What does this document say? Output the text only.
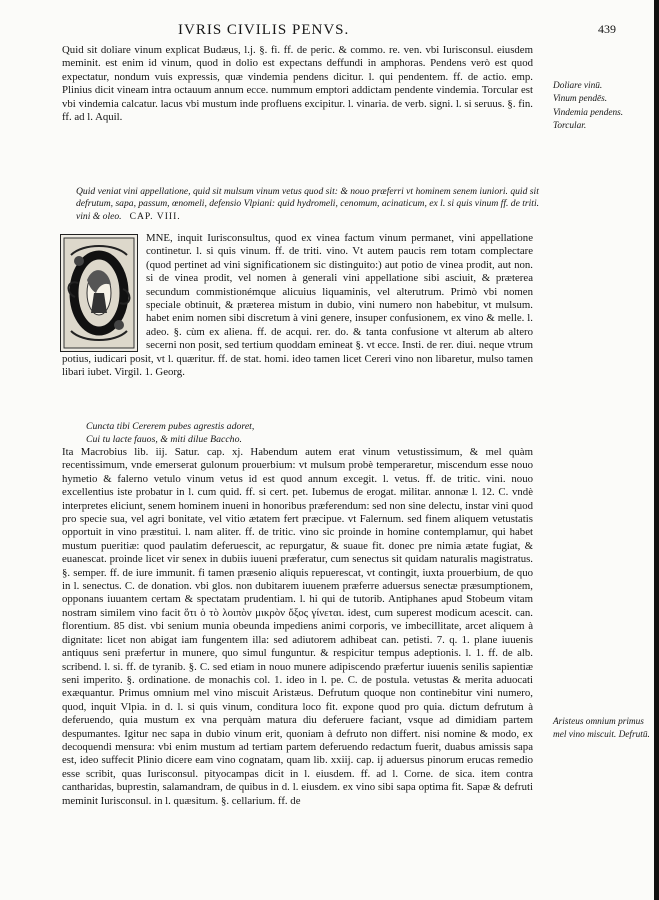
IVRIS CIVILIS PENVS.	439

Quid sit doliare vinum explicat Budæus, l.j. §. fi. ff. de peric. & commo. re. ven. vbi Iurisconsul. eiusdem meminit. est enim id vinum, quod in dolio est expectans deffundi in amphoras. Pendens verò est quod expectatur, nondum vuis expressis, quæ vindemia pendens dicitur. l. qui pendentem. ff. de actio. emp. Plinius dicit vineam intra octauum annum ecce. nummum emptori addictam pendente vindemia. Torcular est vbi vindemia calcatur. lacus vbi mustum inde profluens excipitur. l. vinaria. de verb. signi. l. si seruus. §. fin. ff. ad l. Aquil.

Quid veniat vini appellatione, quid sit mulsum vinum vetus quod sit: & nouo præferri vt hominem senem iuniori. quid sit defrutum, sapa, passum, œnomeli, defensio Vlpiani: quid hydromeli, cenomum, acinaticum, ex l. si quis vinum ff. de triti. vini & oleo. CAP. VIII.

MNE, inquit Iurisconsultus, quod ex vinea factum vinum permanet, vini appellatione continetur. l. si quis vinum. ff. de triti. vino. Vt autem paucis rem totam complectare (quod pertinet ad vini significationem sic distinguito:) aut potio de vinea prodit, aut non. si de vinea prodit, vel nomen à generali vini appellatione sibi asciuit, & præterea secundum commistionémque alicuius liquaminis, vel alterutrum. Primò vbi nomen speciale obtinuit, & præterea mistum in dubio, vini numero non habebitur, vt mulsum. habet enim nomen sibi discretum à vini genere, insuper confusionem, ex vino & melle. l. adeo. §. cùm ex aliena. ff. de acqui. rer. do. & tanta confusione vt alterum ab altero secerni non posit, sed tertium quoddam emineat §. vt ecce. Insti. de rer. diui. neque vtrum potius, iudicari posit, vt l. quæritur. ff. de stat. homi. ideo tamen licet Cereri vino non libaretur, mulso tamen libari iubet. Virgil. 1. Georg.
Cuncta tibi Cererem pubes agrestis adoret,
Cui tu lacte fauos, & miti dilue Baccho.

Ita Macrobius lib. iij. Satur. cap. xj. Habendum autem erat vinum vetustissimum, & mel quàm recentissimum, vnde emerserat gulonum prouerbium: vt mulsum probè temperaretur, miscendum esse nouo hymetio & falerno vetulo vinum vetus id est quod annum excegit. l. vetus. ff. de tritic. vini. nouo excellentius iste probatur in l. cum quid. ff. si cert. pet. Iubemus de erogat. militar. annonæ l. 12. C. vndè interpretes eliciunt, senem hominem inueni in honoribus præferendum: sed non sine delectu, instar vini quod pro specie sua, vel agri bonitate, vel vitio ætatem fert præcipue. vt Falernum. sed finem aliquem vetustatis opportuit in vino præstitui. l. nam aliter. ff. de tritic. vino sic proinde in homine contemplamur, qui habet mustum pueritiæ: quod paulatim deferuescit, ac repurgatur, & suaue fit. donec pre nimia ætate fugiat, & euanescat. proinde licet vir senex in dubiis iuueni præferatur, cum senectus sit quidam naturalis magistratus. §. semper. ff. de iure immunit. fi tamen præsenio aliquis repuerescat, vt contingit, iuxta prouerbium, de quo in l. senectus. C. de donation. vbi glos. non dubitarem iuuenem præferre aduersus senectæ præsumptionem, opponans iuuantem certam & spectatam prudentiam. l. hi qui de tutorib. Antiphanes apud Stobeum vitam nostram similem vino facit ὅτι ὁ τὸ λοιπὸν μικρὸν ὄξος γίνεται. idest, cum superest modicum acescit. can. florentium. 85 dist. vbi senium munia obeunda impediens animi corporis, ve imbecillitate, arcet aliquem à dignitate: licet non abigat iam fungentem illa: sed adiutorem adhibeat can. petisti. 7. q. 1. plane iuuenis antiquus seni præfertur in munere, quo simul funguntur. & respicitur tempus adeptionis. l. 1. ff. de alb. scribend. l. si. ff. de tyranib. §. C. sed etiam in nouo munere adipiscendo præfertur iuuenis senilis sapientiæ seni imperito. §. ordinatione. de monachis col. 1. ideo in l. pe. C. de postula. vetustas & merita aduocati exæquantur. Primus omnium mel vino miscuit Aristæus. Defrutum quoque non continebitur vini numero, quod, inquit Vlpia. in d. l. si quis vinum, conditura loco fit. expone quod pro quia. dictum defrutum à deferuendo, quia mustum ex vna perquàm matura diu deferuere faciant, vsque ad dimidiam partem despumantes. Igitur nec sapa in dubio vinum erit, quoniam à defruto non differt. nisi nomine & modo, ex decoquendi mensura: vbi enim mustum ad tertiam partem deferuendo redactum fuerit, duabus amissis sapa est, ideo suffecit Plinio dicere eam vino cognatam, quam lib. xxiij. cap. ij aduersus pinorum erucas remedio esse scribit, quas Iurisconsul. pityocampas dicit in l. eiusdem. ff. ad l. Corne. de sica. item contra cantharidas, buprestin, salamandram, de quibus in d. l. eiusdem. ex vino sibi sapa optima fit. Sapæ & defruti meminit Iurisconsul. in l. quæsitum. §. cellarium. ff. de

Doliare vinū.
Vinum pendēs.
Vindemia pendens.
Torcular.
Aristeus omnium primus mel vino miscuit. Defrutū.
